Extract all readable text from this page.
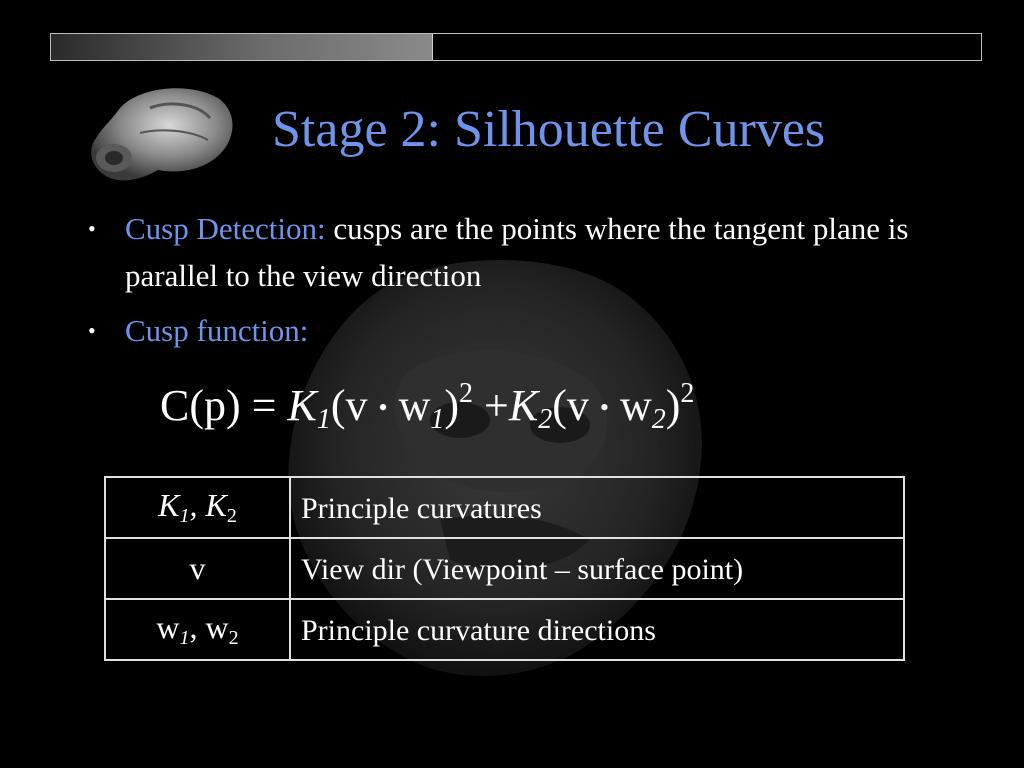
Stage 2: Silhouette Curves
• Cusp Detection: cusps are the points where the tangent plane is parallel to the view direction
• Cusp function:
$C(p) = K_1(v$ • $w_1)^2 +K_2(v$ • $w_2)^2$
$K_1$, $K_2$	Principle curvatures
v	View dir (Viewpoint – surface point)
$w_1$, $w_2$	Principle curvature directions
